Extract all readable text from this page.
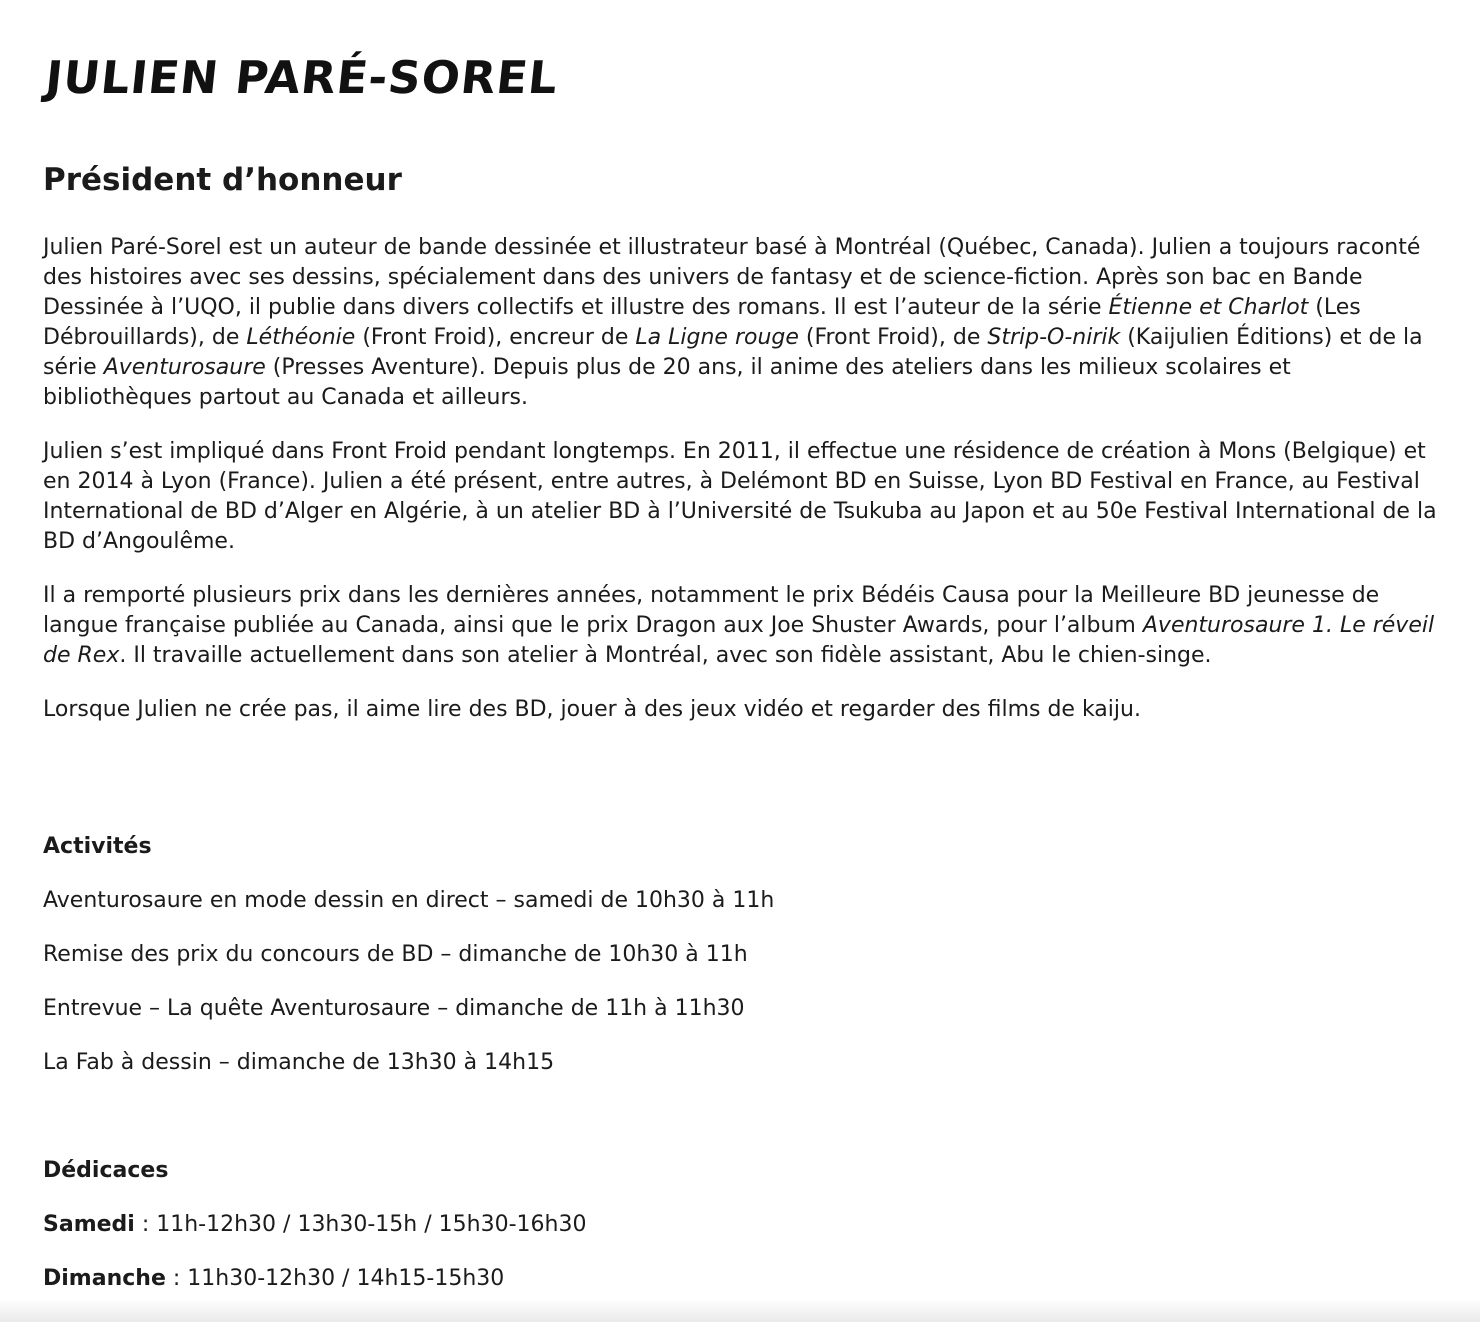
JULIEN PARÉ-SOREL
Président d’honneur

Julien Paré-Sorel est un auteur de bande dessinée et illustrateur basé à Montréal (Québec, Canada). Julien a toujours raconté des histoires avec ses dessins, spécialement dans des univers de fantasy et de science-fiction. Après son bac en Bande Dessinée à l’UQO, il publie dans divers collectifs et illustre des romans. Il est l’auteur de la série Étienne et Charlot (Les Débrouillards), de Léthéonie (Front Froid), encreur de La Ligne rouge (Front Froid), de Strip-O-nirik (Kaijulien Éditions) et de la série Aventurosaure (Presses Aventure). Depuis plus de 20 ans, il anime des ateliers dans les milieux scolaires et bibliothèques partout au Canada et ailleurs.

Julien s’est impliqué dans Front Froid pendant longtemps. En 2011, il effectue une résidence de création à Mons (Belgique) et en 2014 à Lyon (France). Julien a été présent, entre autres, à Delémont BD en Suisse, Lyon BD Festival en France, au Festival International de BD d’Alger en Algérie, à un atelier BD à l’Université de Tsukuba au Japon et au 50e Festival International de la BD d’Angoulême.

Il a remporté plusieurs prix dans les dernières années, notamment le prix Bédéis Causa pour la Meilleure BD jeunesse de langue française publiée au Canada, ainsi que le prix Dragon aux Joe Shuster Awards, pour l’album Aventurosaure 1. Le réveil de Rex. Il travaille actuellement dans son atelier à Montréal, avec son fidèle assistant, Abu le chien-singe.

Lorsque Julien ne crée pas, il aime lire des BD, jouer à des jeux vidéo et regarder des films de kaiju.

Activités

Aventurosaure en mode dessin en direct – samedi de 10h30 à 11h

Remise des prix du concours de BD – dimanche de 10h30 à 11h

Entrevue – La quête Aventurosaure – dimanche de 11h à 11h30

La Fab à dessin – dimanche de 13h30 à 14h15

Dédicaces

Samedi : 11h-12h30 / 13h30-15h / 15h30-16h30

Dimanche : 11h30-12h30 / 14h15-15h30
